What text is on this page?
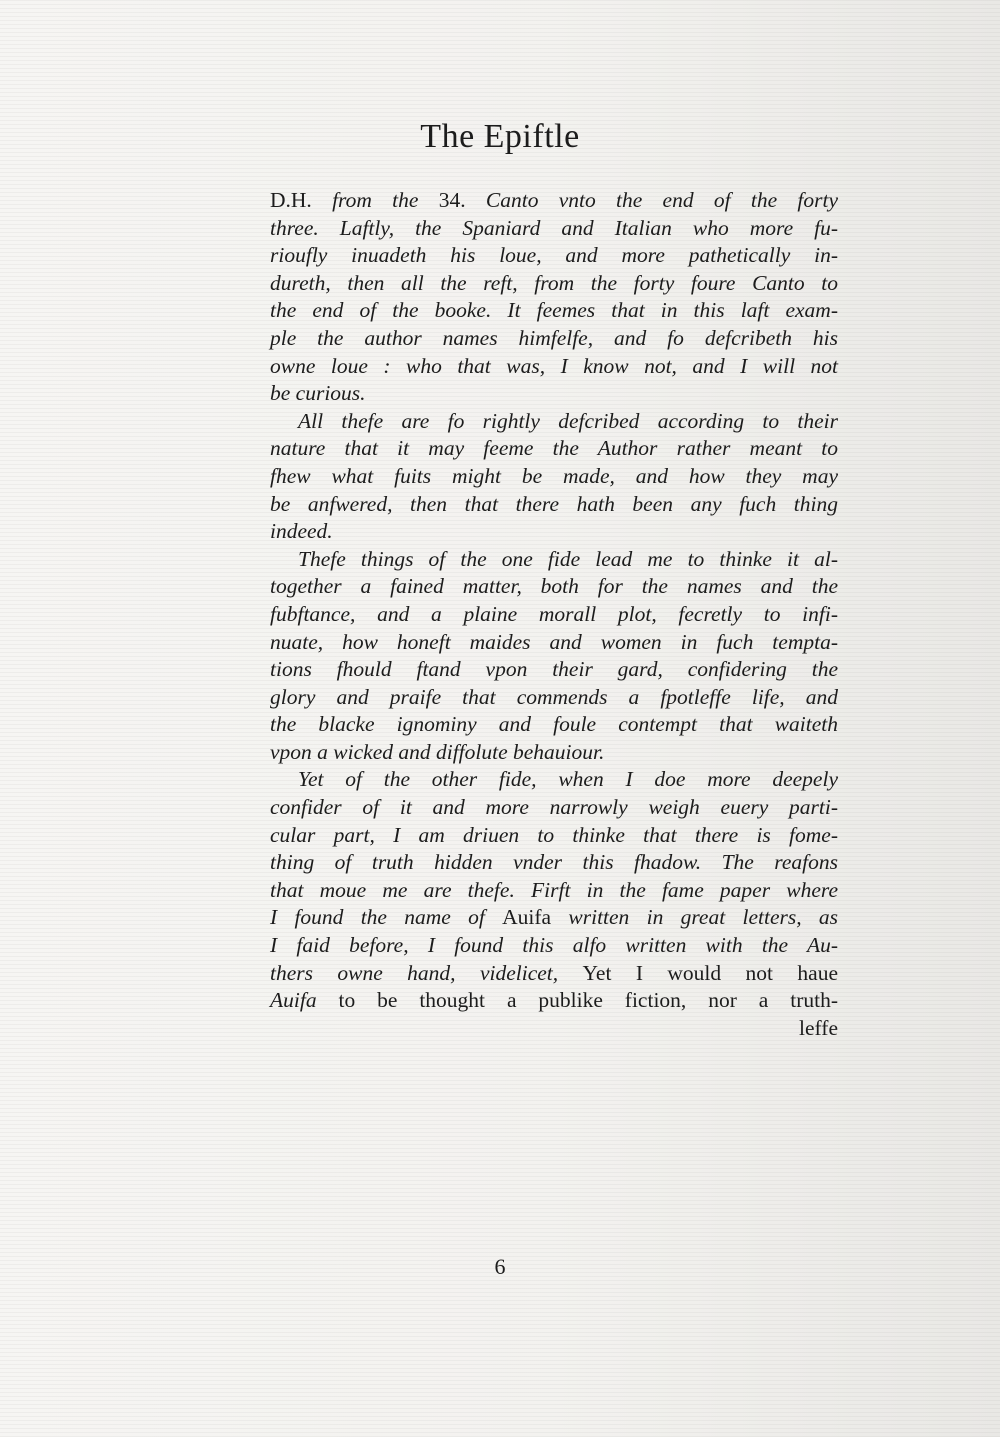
The Epiftle
D.H. from the 34. Canto vnto the end of the forty
three. Laftly, the Spaniard and Italian who more fu-
rioufly inuadeth his loue, and more pathetically in-
dureth, then all the reft, from the forty foure Canto to
the end of the booke. It feemes that in this laft exam-
ple the author names himfelfe, and fo defcribeth his
owne loue : who that was, I know not, and I will not
be curious.
All thefe are fo rightly defcribed according to their
nature that it may feeme the Author rather meant to
fhew what fuits might be made, and how they may
be anfwered, then that there hath been any fuch thing
indeed.
Thefe things of the one fide lead me to thinke it al-
together a fained matter, both for the names and the
fubftance, and a plaine morall plot, fecretly to infi-
nuate, how honeft maides and women in fuch tempta-
tions fhould ftand vpon their gard, confidering the
glory and praife that commends a fpotleffe life, and
the blacke ignominy and foule contempt that waiteth
vpon a wicked and diffolute behauiour.
Yet of the other fide, when I doe more deepely
confider of it and more narrowly weigh euery parti-
cular part, I am driuen to thinke that there is fome-
thing of truth hidden vnder this fhadow. The reafons
that moue me are thefe. Firft in the fame paper where
I found the name of Auifa written in great letters, as
I faid before, I found this alfo written with the Au-
thers owne hand, videlicet, Yet I would not haue
Auifa to be thought a publike fiction, nor a truth-
leffe
6
